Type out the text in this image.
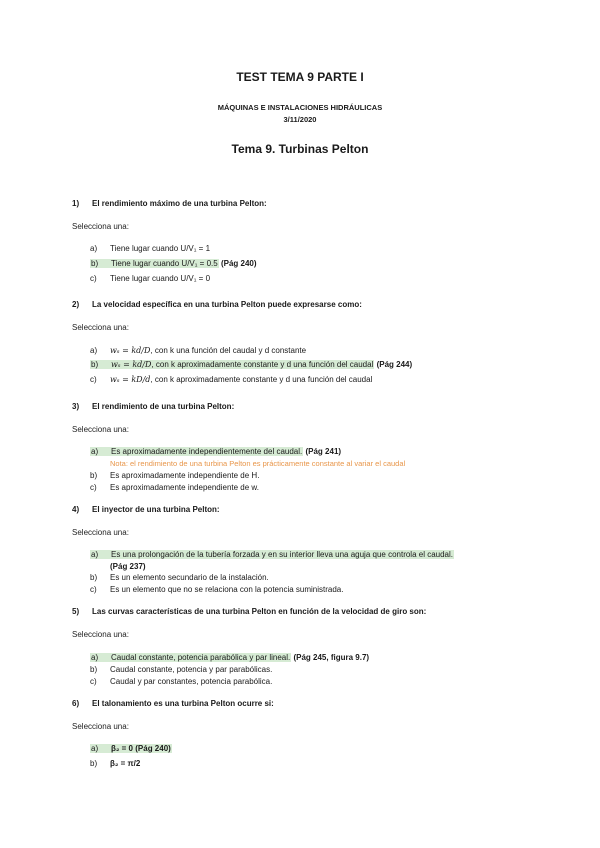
TEST TEMA 9 PARTE I
MÁQUINAS E INSTALACIONES HIDRÁULICAS
3/11/2020
Tema 9. Turbinas Pelton
1) El rendimiento máximo de una turbina Pelton:
Selecciona una:
a) Tiene lugar cuando U/V₁ = 1
b) Tiene lugar cuando U/V₁ = 0.5 (Pág 240)
c) Tiene lugar cuando U/V₁ = 0
2) La velocidad específica en una turbina Pelton puede expresarse como:
Selecciona una:
a) wₛ = kd/D, con k una función del caudal y d constante
b) wₛ = kd/D, con k aproximadamente constante y d una función del caudal (Pág 244)
c) wₛ = kD/d, con k aproximadamente constante y d una función del caudal
3) El rendimiento de una turbina Pelton:
Selecciona una:
a) Es aproximadamente independientemente del caudal. (Pág 241)
Nota: el rendimiento de una turbina Pelton es prácticamente constante al variar el caudal
b) Es aproximadamente independiente de H.
c) Es aproximadamente independiente de w.
4) El inyector de una turbina Pelton:
Selecciona una:
a) Es una prolongación de la tubería forzada y en su interior lleva una aguja que controla el caudal.
(Pág 237)
b) Es un elemento secundario de la instalación.
c) Es un elemento que no se relaciona con la potencia suministrada.
5) Las curvas características de una turbina Pelton en función de la velocidad de giro son:
Selecciona una:
a) Caudal constante, potencia parabólica y par lineal. (Pág 245, figura 9.7)
b) Caudal constante, potencia y par parabólicas.
c) Caudal y par constantes, potencia parabólica.
6) El talonamiento es una turbina Pelton ocurre si:
Selecciona una:
a) β₂ = 0 (Pág 240)
b) β₂ = π/2
